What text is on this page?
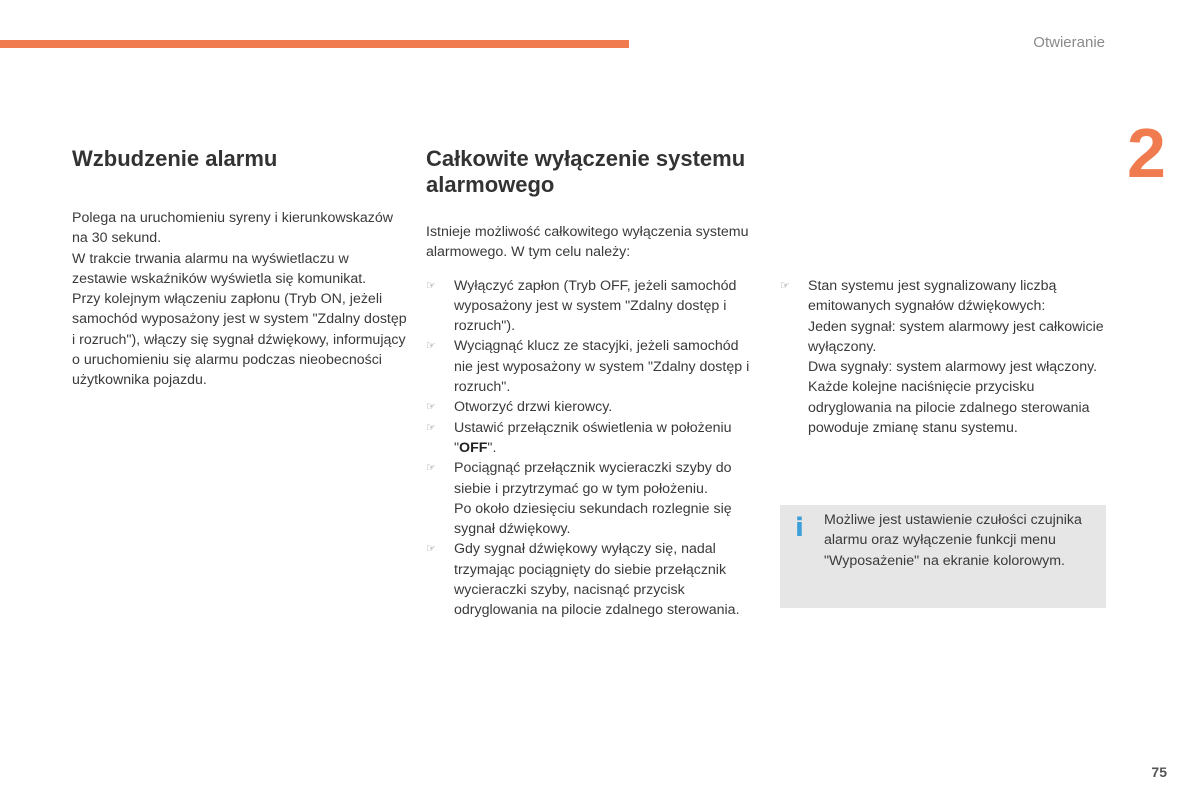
Otwieranie
2
Wzbudzenie alarmu

Polega na uruchomieniu syreny i kierunkowskazów na 30 sekund.

W trakcie trwania alarmu na wyświetlaczu w zestawie wskaźników wyświetla się komunikat.

Przy kolejnym włączeniu zapłonu (Tryb ON, jeżeli samochód wyposażony jest w system "Zdalny dostęp i rozruch"), włączy się sygnał dźwiękowy, informujący o uruchomieniu się alarmu podczas nieobecności użytkownika pojazdu.

Całkowite wyłączenie systemu alarmowego

Istnieje możliwość całkowitego wyłączenia systemu alarmowego. W tym celu należy:

☞ Wyłączyć zapłon (Tryb OFF, jeżeli samochód wyposażony jest w system "Zdalny dostęp i rozruch").
☞ Wyciągnąć klucz ze stacyjki, jeżeli samochód nie jest wyposażony w system "Zdalny dostęp i rozruch".
☞ Otworzyć drzwi kierowcy.
☞ Ustawić przełącznik oświetlenia w położeniu "OFF".
☞ Pociągnąć przełącznik wycieraczki szyby do siebie i przytrzymać go w tym położeniu.
Po około dziesięciu sekundach rozlegnie się sygnał dźwiękowy.
☞ Gdy sygnał dźwiękowy wyłączy się, nadal trzymając pociągnięty do siebie przełącznik wycieraczki szyby, nacisnąć przycisk odryglowania na pilocie zdalnego sterowania.
☞ Stan systemu jest sygnalizowany liczbą emitowanych sygnałów dźwiękowych:
Jeden sygnał: system alarmowy jest całkowicie wyłączony.
Dwa sygnały: system alarmowy jest włączony.
Każde kolejne naciśnięcie przycisku odryglowania na pilocie zdalnego sterowania powoduje zmianę stanu systemu.
i Możliwe jest ustawienie czułości czujnika alarmu oraz wyłączenie funkcji menu "Wyposażenie" na ekranie kolorowym.
75
